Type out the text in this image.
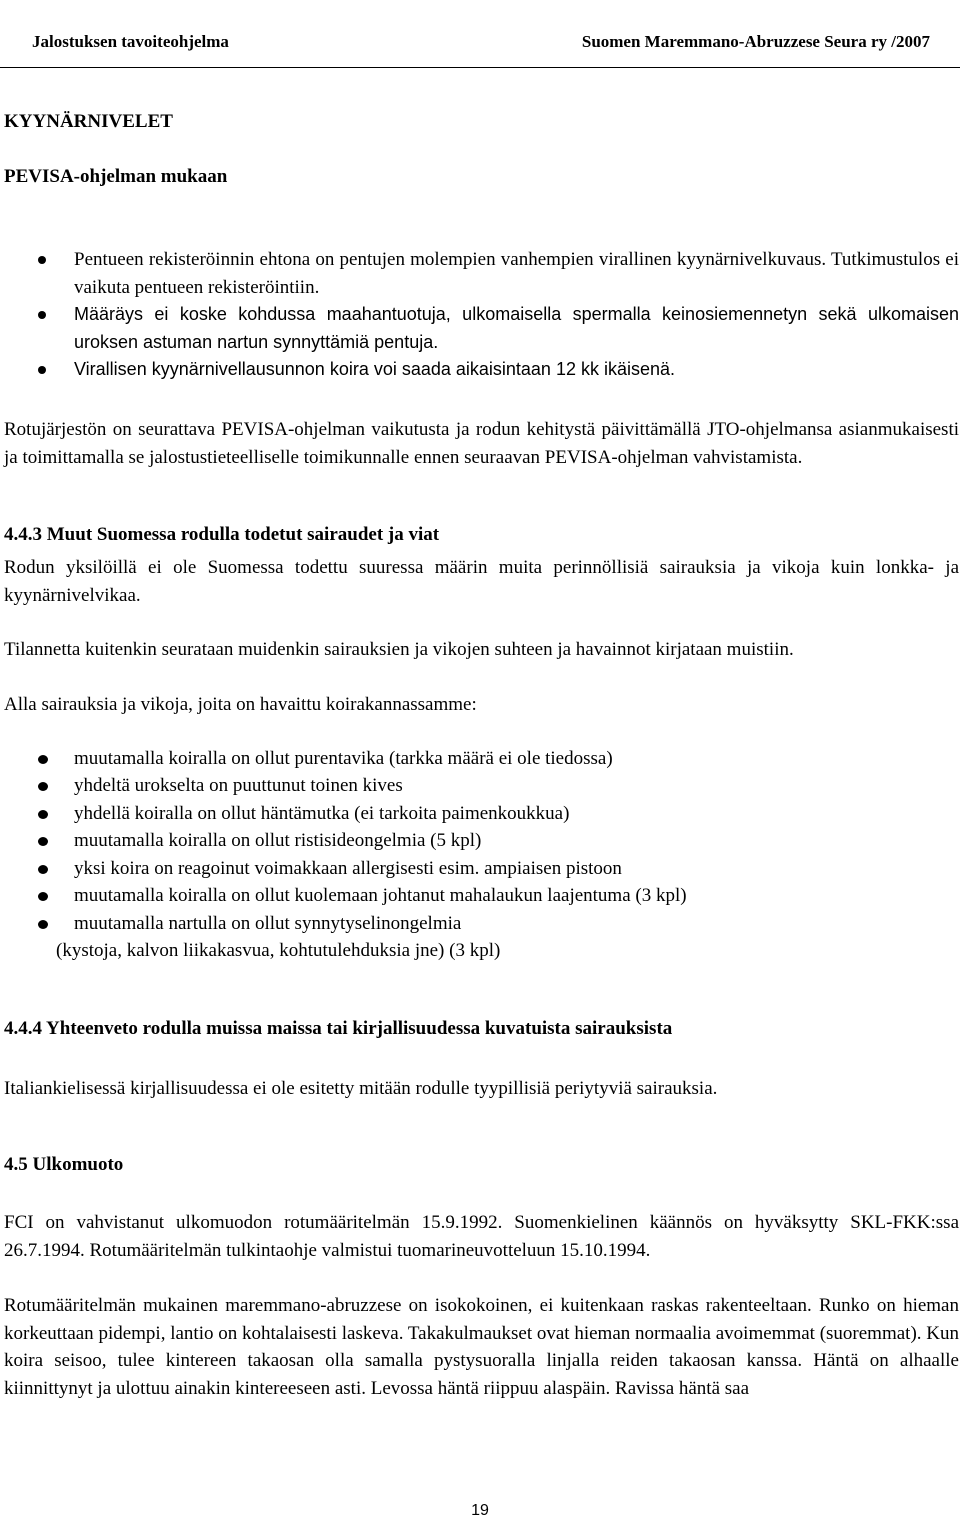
Jalostuksen tavoiteohjelma	Suomen Maremmano-Abruzzese Seura ry /2007
KYYNÄRNIVELET
PEVISA-ohjelman mukaan
Pentueen rekisteröinnin ehtona on pentujen molempien vanhempien virallinen kyynärnivelkuvaus. Tutkimustulos ei vaikuta pentueen rekisteröintiin.
Määräys ei koske kohdussa maahantuotuja, ulkomaisella spermalla keinosiemennetyn sekä ulkomaisen uroksen astuman nartun synnyttämiä pentuja.
Virallisen kyynärnivellausunnon koira voi saada aikaisintaan 12 kk ikäisenä.
Rotujärjestön on seurattava PEVISA-ohjelman vaikutusta ja rodun kehitystä päivittämällä JTO-ohjelmansa asianmukaisesti ja toimittamalla se jalostustieteelliselle toimikunnalle ennen seuraavan PEVISA-ohjelman vahvistamista.
4.4.3 Muut Suomessa rodulla todetut sairaudet ja viat
Rodun yksilöillä ei ole Suomessa todettu suuressa määrin muita perinnöllisiä sairauksia ja vikoja kuin lonkka- ja kyynärnivelvikaa.
Tilannetta kuitenkin seurataan muidenkin sairauksien ja vikojen suhteen ja havainnot kirjataan muistiin.
Alla sairauksia ja vikoja, joita on havaittu koirakannassamme:
muutamalla koiralla on ollut purentavika (tarkka määrä ei ole tiedossa)
yhdeltä urokselta on puuttunut toinen kives
yhdellä koiralla on ollut häntämutka (ei tarkoita paimenkoukkua)
muutamalla koiralla on ollut ristisideongelmia (5 kpl)
yksi koira on reagoinut voimakkaan allergisesti esim. ampiaisen pistoon
muutamalla koiralla on ollut kuolemaan johtanut mahalaukun laajentuma (3 kpl)
muutamalla nartulla on ollut synnytyselinongelmia
(kystoja, kalvon liikakasvua, kohtutulehduksia jne) (3 kpl)
4.4.4 Yhteenveto rodulla muissa maissa tai kirjallisuudessa kuvatuista sairauksista
Italiankielisessä kirjallisuudessa ei ole esitetty mitään rodulle tyypillisiä periytyviä sairauksia.
4.5 Ulkomuoto
FCI on vahvistanut ulkomuodon rotumääritelmän 15.9.1992. Suomenkielinen käännös on hyväksytty SKL-FKK:ssa 26.7.1994. Rotumääritelmän tulkintaohje valmistui tuomarineuvotteluun 15.10.1994.
Rotumääritelmän mukainen maremmano-abruzzese on isokokoinen, ei kuitenkaan raskas rakenteeltaan. Runko on hieman korkeuttaan pidempi, lantio on kohtalaisesti laskeva. Takakulmaukset ovat hieman normaalia avoimemmat (suoremmat). Kun koira seisoo, tulee kintereen takaosan olla samalla pystysuoralla linjalla reiden takaosan kanssa. Häntä on alhaalle kiinnittynyt ja ulottuu ainakin kintereeseen asti. Levossa häntä riippuu alaspäin. Ravissa häntä saa
19
